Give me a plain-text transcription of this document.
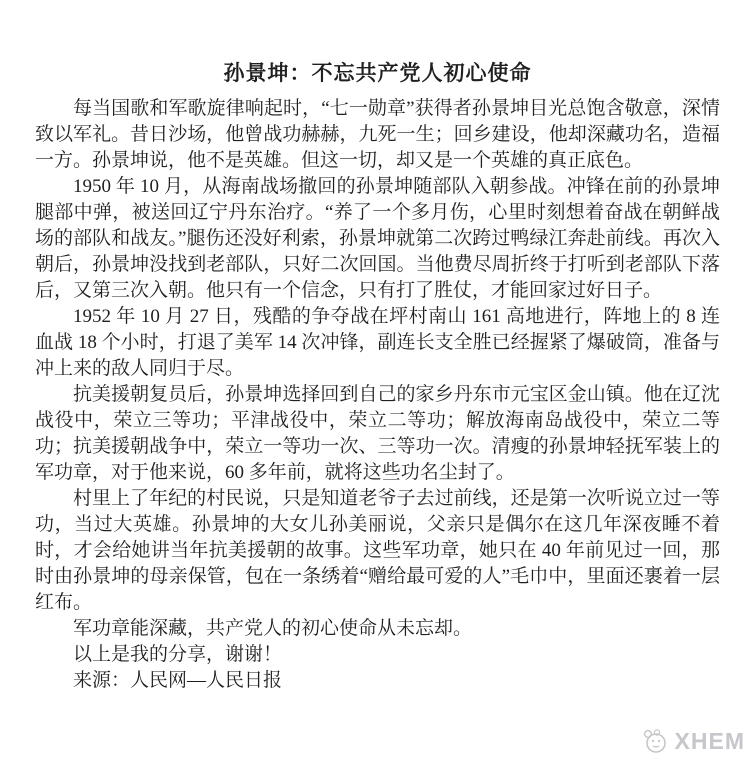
孙景坤：不忘共产党人初心使命

每当国歌和军歌旋律响起时，“七一勋章”获得者孙景坤目光总饱含敬意，深情致以军礼。昔日沙场，他曾战功赫赫，九死一生；回乡建设，他却深藏功名，造福一方。孙景坤说，他不是英雄。但这一切，却又是一个英雄的真正底色。

1950 年 10 月，从海南战场撤回的孙景坤随部队入朝参战。冲锋在前的孙景坤腿部中弹，被送回辽宁丹东治疗。“养了一个多月伤，心里时刻想着奋战在朝鲜战场的部队和战友。”腿伤还没好利索，孙景坤就第二次跨过鸭绿江奔赴前线。再次入朝后，孙景坤没找到老部队，只好二次回国。当他费尽周折终于打听到老部队下落后，又第三次入朝。他只有一个信念，只有打了胜仗，才能回家过好日子。

1952 年 10 月 27 日，残酷的争夺战在坪村南山 161 高地进行，阵地上的 8 连血战 18 个小时，打退了美军 14 次冲锋，副连长支全胜已经握紧了爆破筒，准备与冲上来的敌人同归于尽。

抗美援朝复员后，孙景坤选择回到自己的家乡丹东市元宝区金山镇。他在辽沈战役中，荣立三等功；平津战役中，荣立二等功；解放海南岛战役中，荣立二等功；抗美援朝战争中，荣立一等功一次、三等功一次。清瘦的孙景坤轻抚军装上的军功章，对于他来说，60 多年前，就将这些功名尘封了。

村里上了年纪的村民说，只是知道老爷子去过前线，还是第一次听说立过一等功，当过大英雄。孙景坤的大女儿孙美丽说，父亲只是偶尔在这几年深夜睡不着时，才会给她讲当年抗美援朝的故事。这些军功章，她只在 40 年前见过一回，那时由孙景坤的母亲保管，包在一条绣着“赠给最可爱的人”毛巾中，里面还裹着一层红布。

军功章能深藏，共产党人的初心使命从未忘却。

以上是我的分享，谢谢！

来源：人民网—人民日报

XHEM
